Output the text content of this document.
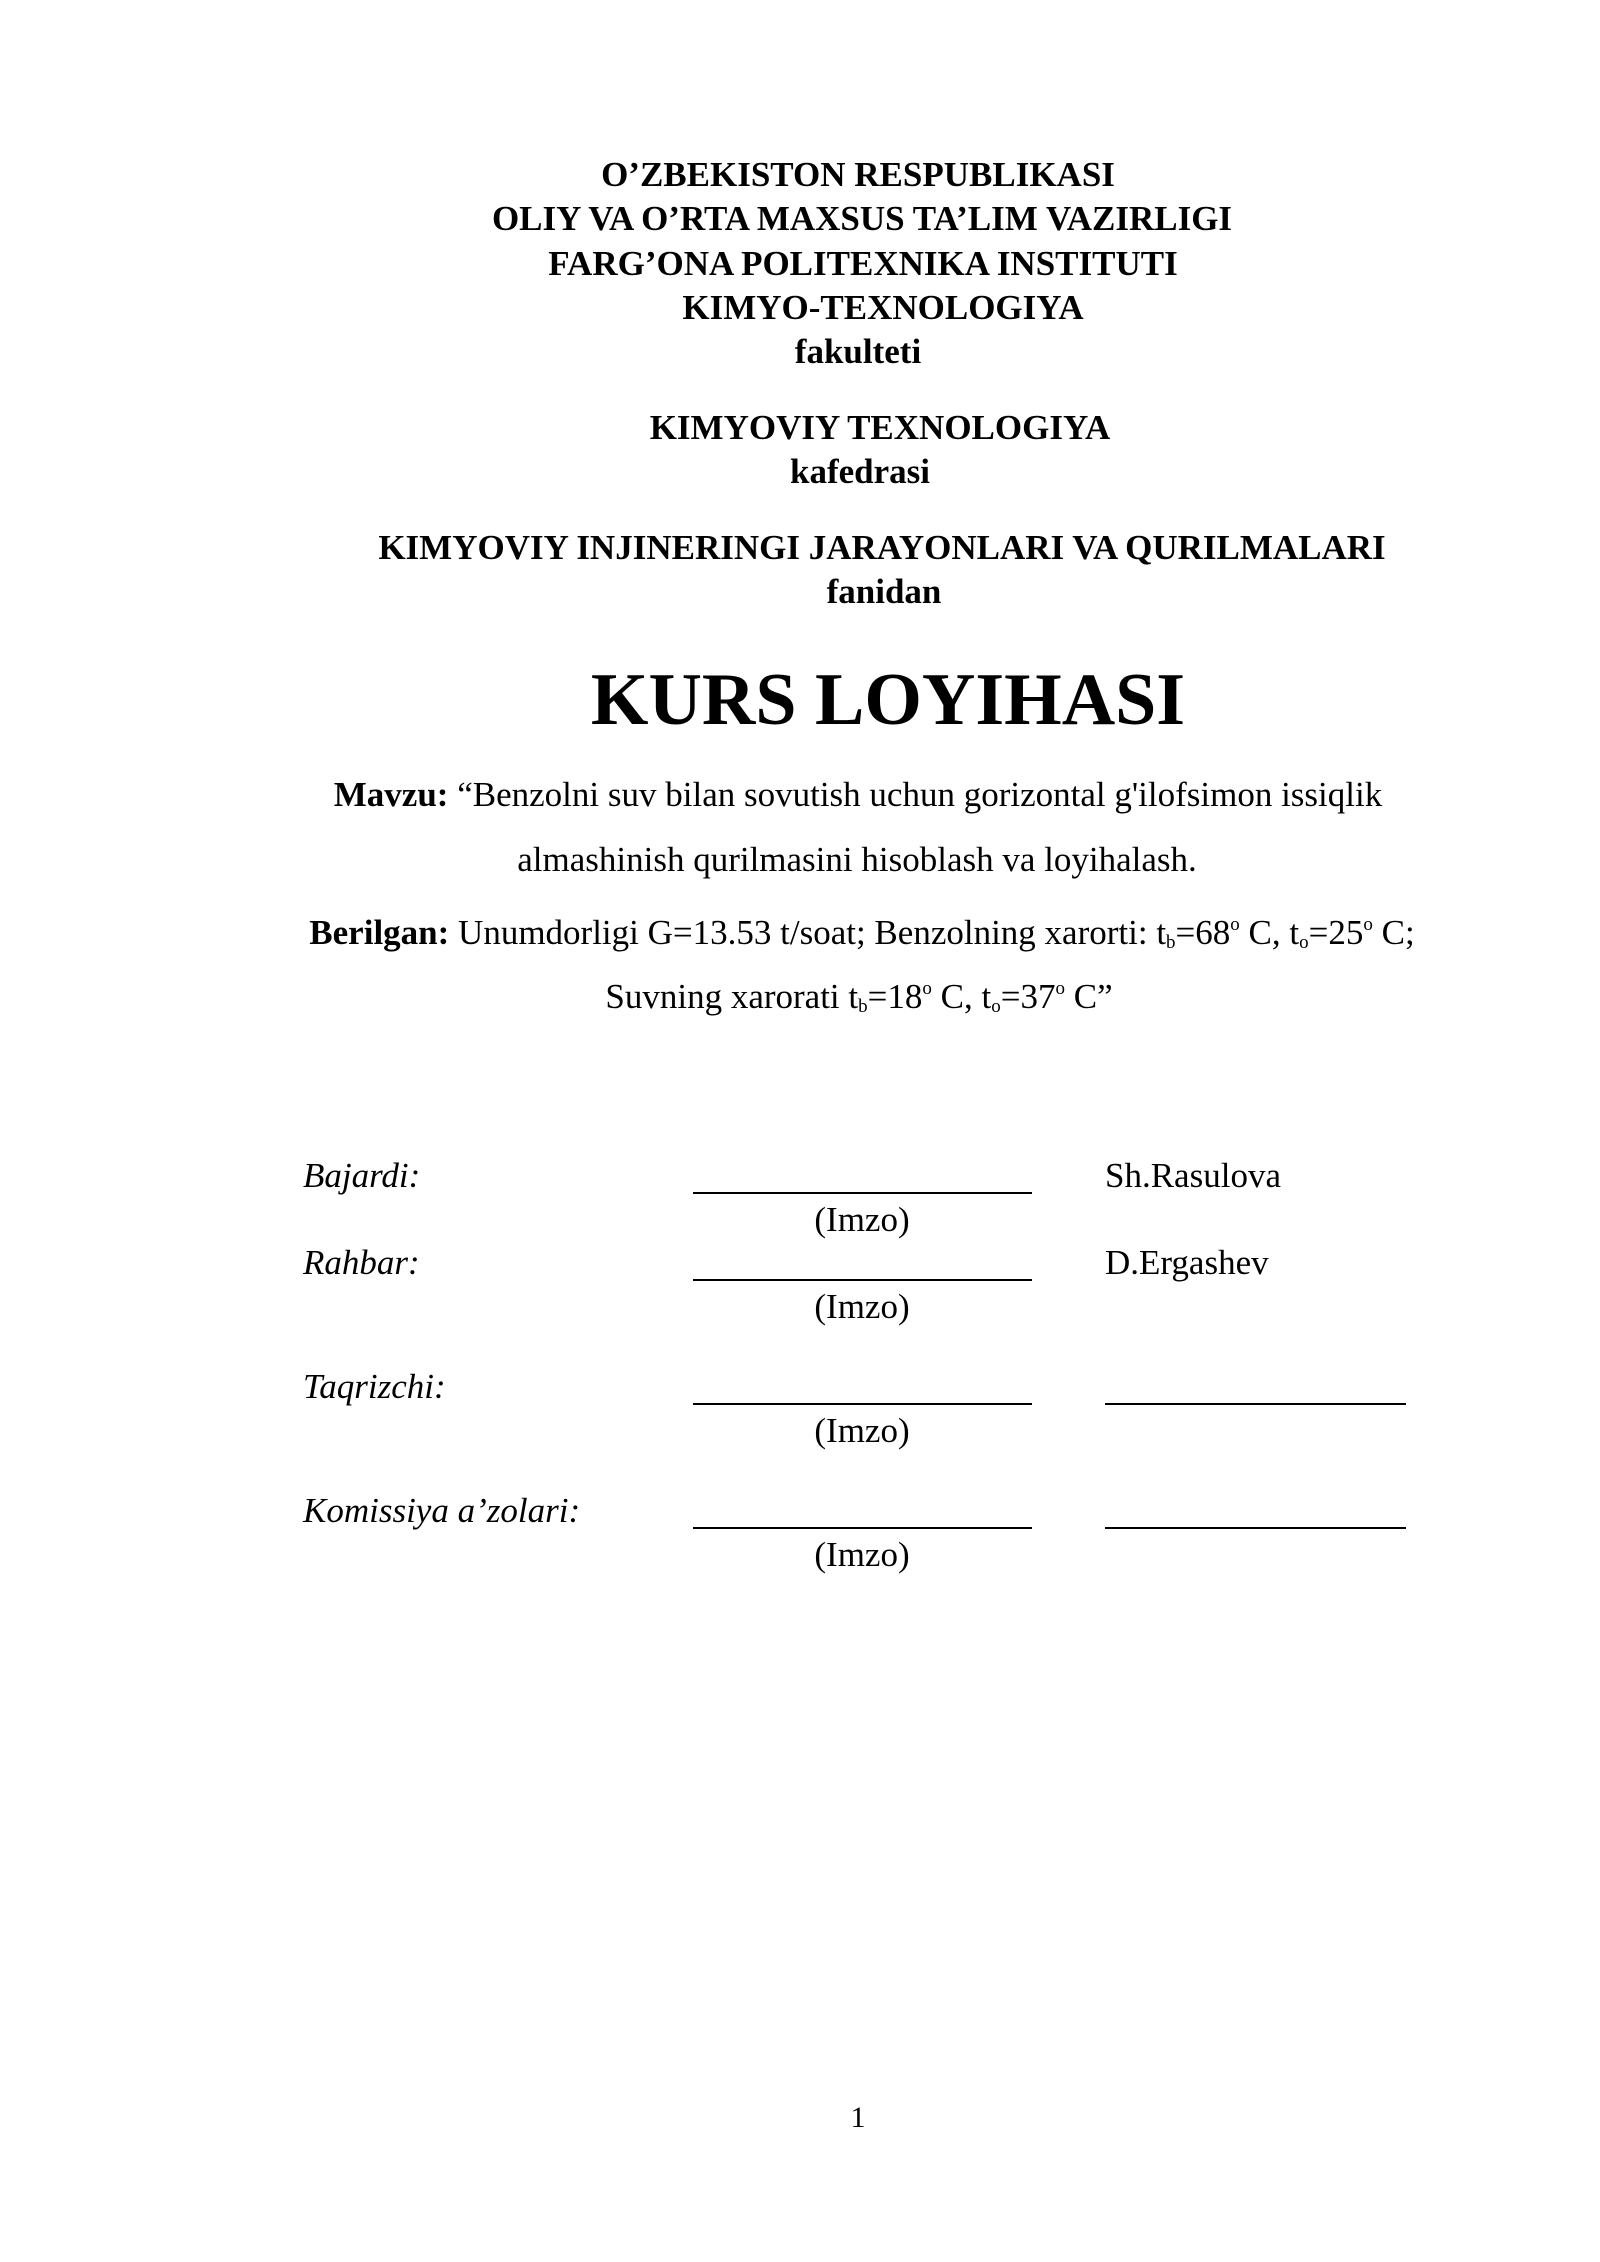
O’ZBEKISTON RESPUBLIKASI
OLIY VA O’RTA MAXSUS TA’LIM VAZIRLIGI
FARG’ONA POLITEXNIKA INSTITUTI
KIMYO-TEXNOLOGIYA
fakulteti
KIMYOVIY TEXNOLOGIYA
kafedrasi
KIMYOVIY INJINERINGI JARAYONLARI VA QURILMALARI
fanidan
KURS LOYIHASI
Mavzu: “Benzolni suv bilan sovutish uchun gorizontal g'ilofsimon issiqlik
almashinish qurilmasini hisoblash va loyihalash.
Berilgan: Unumdorligi G=13.53 t/soat; Benzolning xarorti: $t_b=68^o$ C, $t_o=25^o$ C;
Suvning xarorati $t_b=18^o$ C, $t_o=37^o$ C”
Bajardi:	Sh.Rasulova
(Imzo)
Rahbar:	D.Ergashev
(Imzo)
Taqrizchi:
(Imzo)
Komissiya a’zolari:
(Imzo)
1
